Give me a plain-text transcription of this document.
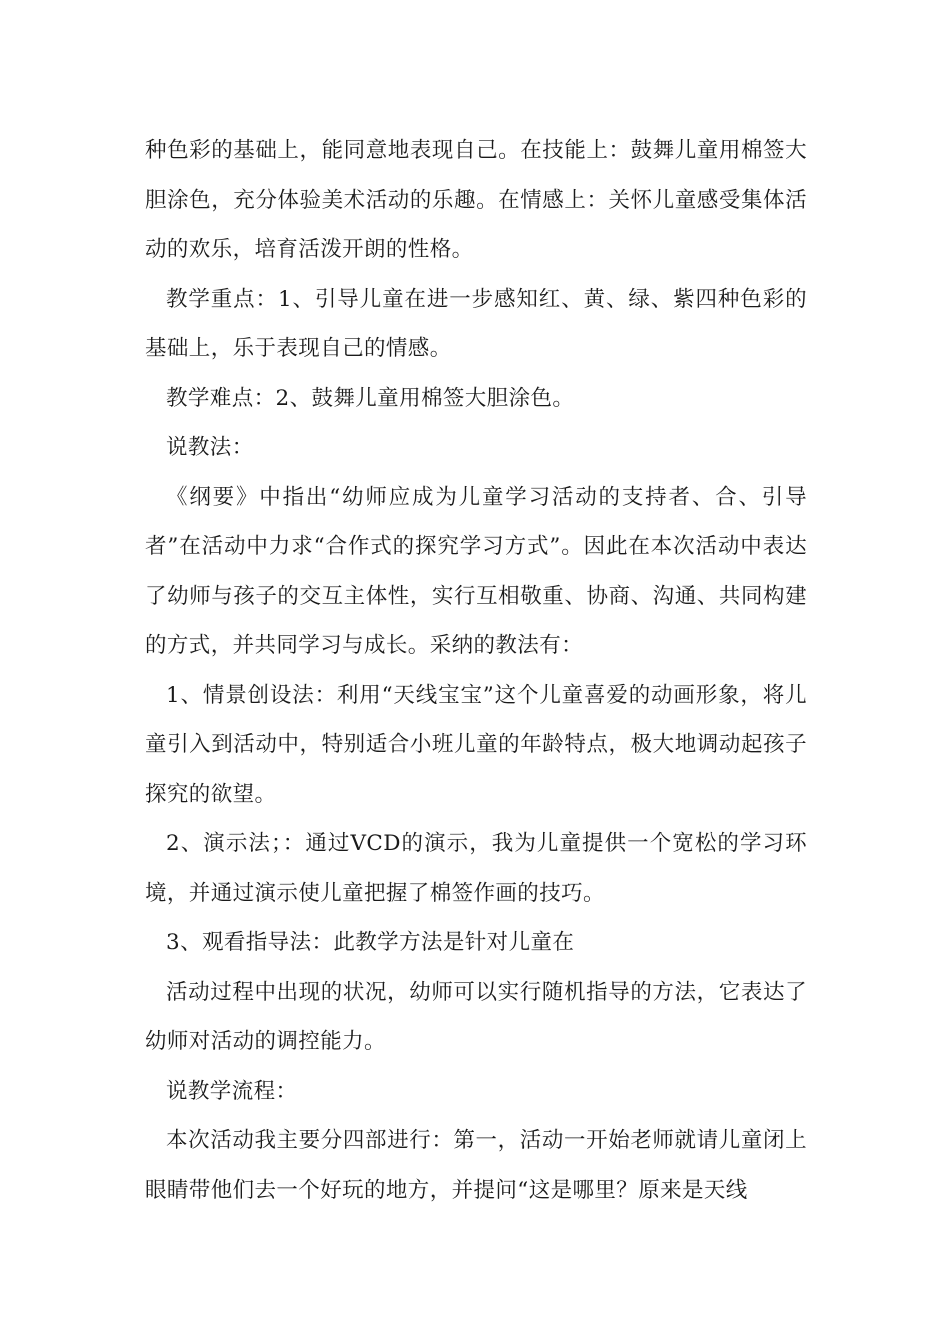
种色彩的基础上，能同意地表现自己。在技能上：鼓舞儿童用棉签大胆涂色，充分体验美术活动的乐趣。在情感上：关怀儿童感受集体活动的欢乐，培育活泼开朗的性格。

教学重点：1、引导儿童在进一步感知红、黄、绿、紫四种色彩的基础上，乐于表现自己的情感。

教学难点：2、鼓舞儿童用棉签大胆涂色。

说教法：

《纲要》中指出“幼师应成为儿童学习活动的支持者、合、引导者”在活动中力求“合作式的探究学习方式”。因此在本次活动中表达了幼师与孩子的交互主体性，实行互相敬重、协商、沟通、共同构建的方式，并共同学习与成长。采纳的教法有：

1、情景创设法：利用“天线宝宝”这个儿童喜爱的动画形象，将儿童引入到活动中，特别适合小班儿童的年龄特点，极大地调动起孩子探究的欲望。

2、演示法；：通过VCD的演示，我为儿童提供一个宽松的学习环境，并通过演示使儿童把握了棉签作画的技巧。

3、观看指导法：此教学方法是针对儿童在

活动过程中出现的状况，幼师可以实行随机指导的方法，它表达了幼师对活动的调控能力。

说教学流程：

本次活动我主要分四部进行：第一，活动一开始老师就请儿童闭上眼睛带他们去一个好玩的地方，并提问“这是哪里？原来是天线
